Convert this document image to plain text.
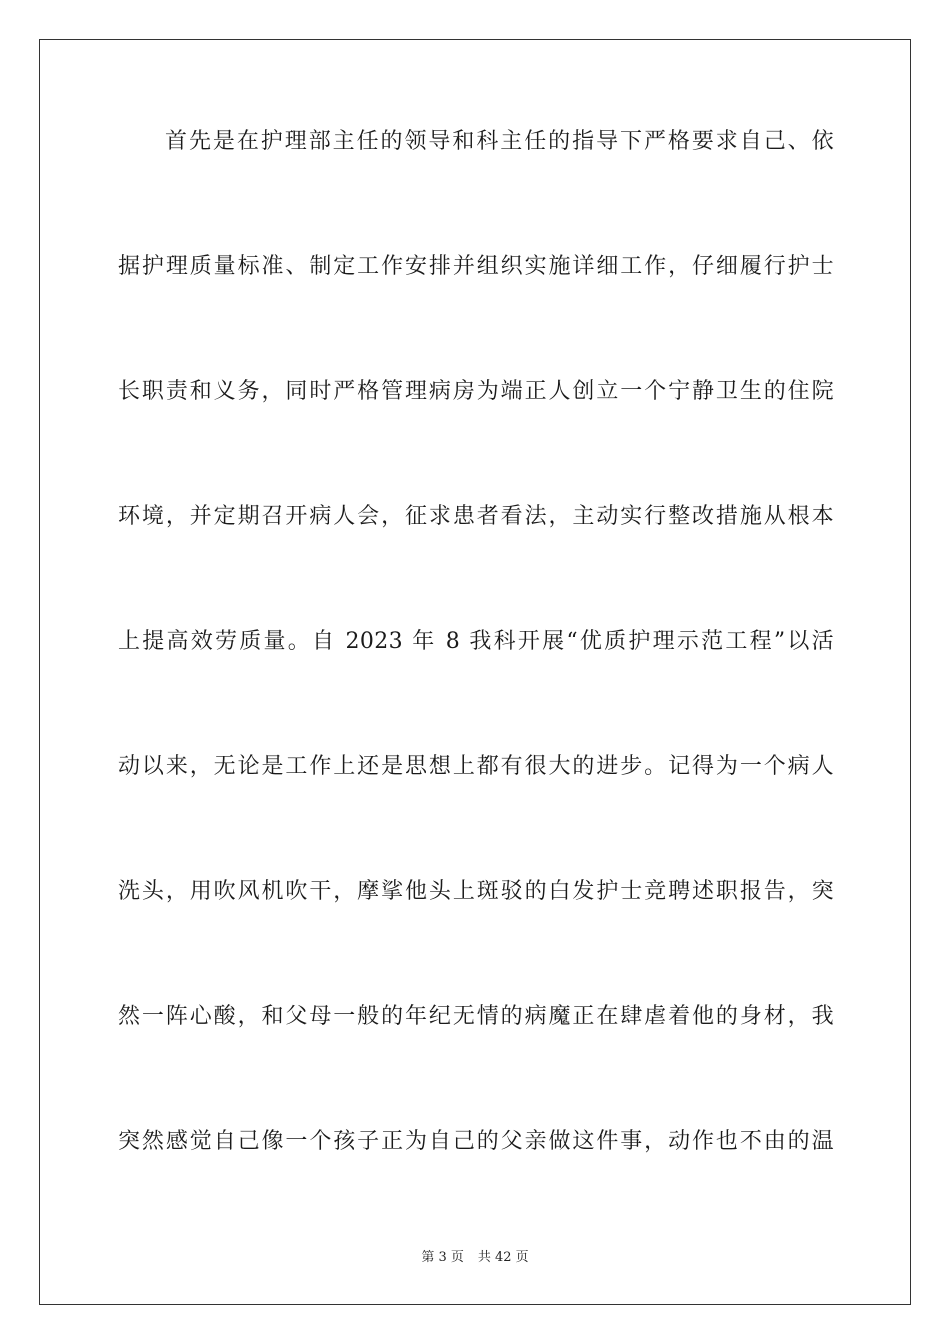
首先是在护理部主任的领导和科主任的指导下严格要求自己、依
据护理质量标准、制定工作安排并组织实施详细工作，仔细履行护士
长职责和义务，同时严格管理病房为端正人创立一个宁静卫生的住院
环境，并定期召开病人会，征求患者看法，主动实行整改措施从根本
上提高效劳质量。自 2023 年 8 我科开展“优质护理示范工程”以活
动以来，无论是工作上还是思想上都有很大的进步。记得为一个病人
洗头，用吹风机吹干，摩挲他头上斑驳的白发护士竞聘述职报告，突
然一阵心酸，和父母一般的年纪无情的病魔正在肆虐着他的身材，我
突然感觉自己像一个孩子正为自己的父亲做这件事，动作也不由的温
第 3 页 共 42 页
